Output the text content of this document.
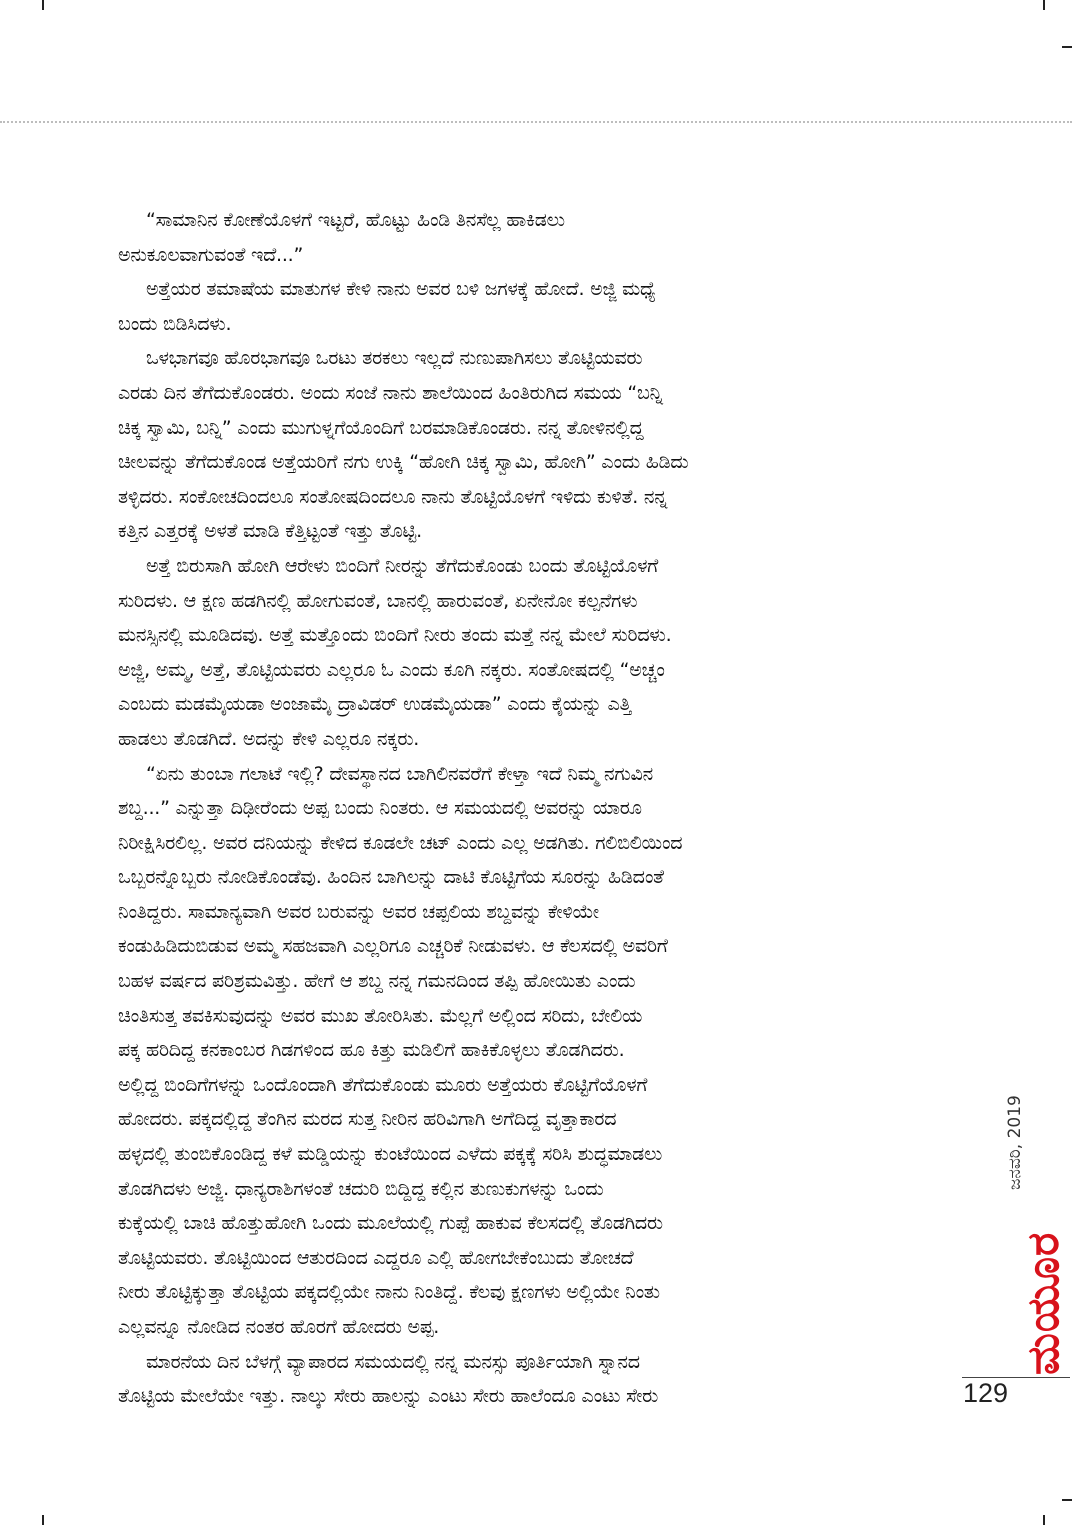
“ಸಾಮಾನಿನ ಕೋಣೆಯೊಳಗೆ ಇಟ್ಟರೆ, ಹೊಟ್ಟು ಹಿಂಡಿ ತಿನಸೆಲ್ಲ ಹಾಕಿಡಲು
ಅನುಕೂಲವಾಗುವಂತೆ ಇದೆ...”
ಅತ್ತೆಯರ ತಮಾಷೆಯ ಮಾತುಗಳ ಕೇಳಿ ನಾನು ಅವರ ಬಳಿ ಜಗಳಕ್ಕೆ ಹೋದೆ. ಅಜ್ಜಿ ಮಧ್ಯೆ
ಬಂದು ಬಿಡಿಸಿದಳು.
ಒಳಭಾಗವೂ ಹೊರಭಾಗವೂ ಒರಟು ತರಕಲು ಇಲ್ಲದೆ ನುಣುಪಾಗಿಸಲು ತೊಟ್ಟಿಯವರು
ಎರಡು ದಿನ ತೆಗೆದುಕೊಂಡರು. ಅಂದು ಸಂಜೆ ನಾನು ಶಾಲೆಯಿಂದ ಹಿಂತಿರುಗಿದ ಸಮಯ “ಬನ್ನಿ
ಚಿಕ್ಕ ಸ್ವಾಮಿ, ಬನ್ನಿ” ಎಂದು ಮುಗುಳ್ನಗೆಯೊಂದಿಗೆ ಬರಮಾಡಿಕೊಂಡರು. ನನ್ನ ತೋಳಿನಲ್ಲಿದ್ದ
ಚೀಲವನ್ನು ತೆಗೆದುಕೊಂಡ ಅತ್ತೆಯರಿಗೆ ನಗು ಉಕ್ಕಿ “ಹೋಗಿ ಚಿಕ್ಕ ಸ್ವಾಮಿ, ಹೋಗಿ” ಎಂದು ಹಿಡಿದು
ತಳ್ಳಿದರು. ಸಂಕೋಚದಿಂದಲೂ ಸಂತೋಷದಿಂದಲೂ ನಾನು ತೊಟ್ಟಿಯೊಳಗೆ ಇಳಿದು ಕುಳಿತೆ. ನನ್ನ
ಕತ್ತಿನ ಎತ್ತರಕ್ಕೆ ಅಳತೆ ಮಾಡಿ ಕೆತ್ತಿಟ್ಟಂತೆ ಇತ್ತು ತೊಟ್ಟಿ.
ಅತ್ತೆ ಬಿರುಸಾಗಿ ಹೋಗಿ ಆರೇಳು ಬಿಂದಿಗೆ ನೀರನ್ನು ತೆಗೆದುಕೊಂಡು ಬಂದು ತೊಟ್ಟಿಯೊಳಗೆ
ಸುರಿದಳು. ಆ ಕ್ಷಣ ಹಡಗಿನಲ್ಲಿ ಹೋಗುವಂತೆ, ಬಾನಲ್ಲಿ ಹಾರುವಂತೆ, ಏನೇನೋ ಕಲ್ಪನೆಗಳು
ಮನಸ್ಸಿನಲ್ಲಿ ಮೂಡಿದವು. ಅತ್ತೆ ಮತ್ತೊಂದು ಬಿಂದಿಗೆ ನೀರು ತಂದು ಮತ್ತೆ ನನ್ನ ಮೇಲೆ ಸುರಿದಳು.
ಅಜ್ಜಿ, ಅಮ್ಮ, ಅತ್ತೆ, ತೊಟ್ಟಿಯವರು ಎಲ್ಲರೂ ಓ ಎಂದು ಕೂಗಿ ನಕ್ಕರು. ಸಂತೋಷದಲ್ಲಿ “ಅಚ್ಚಂ
ಎಂಬದು ಮಡಮೈಯಡಾ ಅಂಜಾಮೈ ದ್ರಾವಿಡರ್ ಉಡಮೈಯಡಾ” ಎಂದು ಕೈಯನ್ನು ಎತ್ತಿ
ಹಾಡಲು ತೊಡಗಿದೆ. ಅದನ್ನು ಕೇಳಿ ಎಲ್ಲರೂ ನಕ್ಕರು.
“ಏನು ತುಂಬಾ ಗಲಾಟೆ ಇಲ್ಲಿ? ದೇವಸ್ಥಾನದ ಬಾಗಿಲಿನವರೆಗೆ ಕೇಳ್ತಾ ಇದೆ ನಿಮ್ಮ ನಗುವಿನ
ಶಬ್ದ...” ಎನ್ನುತ್ತಾ ದಿಢೀರೆಂದು ಅಪ್ಪ ಬಂದು ನಿಂತರು. ಆ ಸಮಯದಲ್ಲಿ ಅವರನ್ನು ಯಾರೂ
ನಿರೀಕ್ಷಿಸಿರಲಿಲ್ಲ. ಅವರ ದನಿಯನ್ನು ಕೇಳಿದ ಕೂಡಲೇ ಚಟ್ ಎಂದು ಎಲ್ಲ ಅಡಗಿತು. ಗಲಿಬಿಲಿಯಿಂದ
ಒಬ್ಬರನ್ನೊಬ್ಬರು ನೋಡಿಕೊಂಡೆವು. ಹಿಂದಿನ ಬಾಗಿಲನ್ನು ದಾಟಿ ಕೊಟ್ಟಿಗೆಯ ಸೂರನ್ನು ಹಿಡಿದಂತೆ
ನಿಂತಿದ್ದರು. ಸಾಮಾನ್ಯವಾಗಿ ಅವರ ಬರುವನ್ನು ಅವರ ಚಪ್ಪಲಿಯ ಶಬ್ದವನ್ನು ಕೇಳಿಯೇ
ಕಂಡುಹಿಡಿದುಬಿಡುವ ಅಮ್ಮ ಸಹಜವಾಗಿ ಎಲ್ಲರಿಗೂ ಎಚ್ಚರಿಕೆ ನೀಡುವಳು. ಆ ಕೆಲಸದಲ್ಲಿ ಅವರಿಗೆ
ಬಹಳ ವರ್ಷದ ಪರಿಶ್ರಮವಿತ್ತು. ಹೇಗೆ ಆ ಶಬ್ದ ನನ್ನ ಗಮನದಿಂದ ತಪ್ಪಿ ಹೋಯಿತು ಎಂದು
ಚಿಂತಿಸುತ್ತ ತವಕಿಸುವುದನ್ನು ಅವರ ಮುಖ ತೋರಿಸಿತು. ಮೆಲ್ಲಗೆ ಅಲ್ಲಿಂದ ಸರಿದು, ಬೇಲಿಯ
ಪಕ್ಕ ಹರಿದಿದ್ದ ಕನಕಾಂಬರ ಗಿಡಗಳಿಂದ ಹೂ ಕಿತ್ತು ಮಡಿಲಿಗೆ ಹಾಕಿಕೊಳ್ಳಲು ತೊಡಗಿದರು.
ಅಲ್ಲಿದ್ದ ಬಿಂದಿಗೆಗಳನ್ನು ಒಂದೊಂದಾಗಿ ತೆಗೆದುಕೊಂಡು ಮೂರು ಅತ್ತೆಯರು ಕೊಟ್ಟಿಗೆಯೊಳಗೆ
ಹೋದರು. ಪಕ್ಕದಲ್ಲಿದ್ದ ತೆಂಗಿನ ಮರದ ಸುತ್ತ ನೀರಿನ ಹರಿವಿಗಾಗಿ ಅಗೆದಿದ್ದ ವೃತ್ತಾಕಾರದ
ಹಳ್ಳದಲ್ಲಿ ತುಂಬಿಕೊಂಡಿದ್ದ ಕಳೆ ಮಡ್ಡಿಯನ್ನು ಕುಂಟೆಯಿಂದ ಎಳೆದು ಪಕ್ಕಕ್ಕೆ ಸರಿಸಿ ಶುದ್ಧಮಾಡಲು
ತೊಡಗಿದಳು ಅಜ್ಜಿ. ಧಾನ್ಯರಾಶಿಗಳಂತೆ ಚದುರಿ ಬಿದ್ದಿದ್ದ ಕಲ್ಲಿನ ತುಣುಕುಗಳನ್ನು ಒಂದು
ಕುಕ್ಕೆಯಲ್ಲಿ ಬಾಚಿ ಹೊತ್ತುಹೋಗಿ ಒಂದು ಮೂಲೆಯಲ್ಲಿ ಗುಪ್ಪೆ ಹಾಕುವ ಕೆಲಸದಲ್ಲಿ ತೊಡಗಿದರು
ತೊಟ್ಟಿಯವರು. ತೊಟ್ಟಿಯಿಂದ ಆತುರದಿಂದ ಎದ್ದರೂ ಎಲ್ಲಿ ಹೋಗಬೇಕೆಂಬುದು ತೋಚದೆ
ನೀರು ತೊಟ್ಟಿಕ್ಕುತ್ತಾ ತೊಟ್ಟಿಯ ಪಕ್ಕದಲ್ಲಿಯೇ ನಾನು ನಿಂತಿದ್ದೆ. ಕೆಲವು ಕ್ಷಣಗಳು ಅಲ್ಲಿಯೇ ನಿಂತು
ಎಲ್ಲವನ್ನೂ ನೋಡಿದ ನಂತರ ಹೊರಗೆ ಹೋದರು ಅಪ್ಪ.
ಮಾರನೆಯ ದಿನ ಬೆಳಗ್ಗೆ ವ್ಯಾಪಾರದ ಸಮಯದಲ್ಲಿ ನನ್ನ ಮನಸ್ಸು ಪೂರ್ತಿಯಾಗಿ ಸ್ನಾನದ
ತೊಟ್ಟಿಯ ಮೇಲೆಯೇ ಇತ್ತು. ನಾಲ್ಕು ಸೇರು ಹಾಲನ್ನು ಎಂಟು ಸೇರು ಹಾಲೆಂದೂ ಎಂಟು ಸೇರು
ಜನವರಿ, 2019
ಮಯೂರ
129
